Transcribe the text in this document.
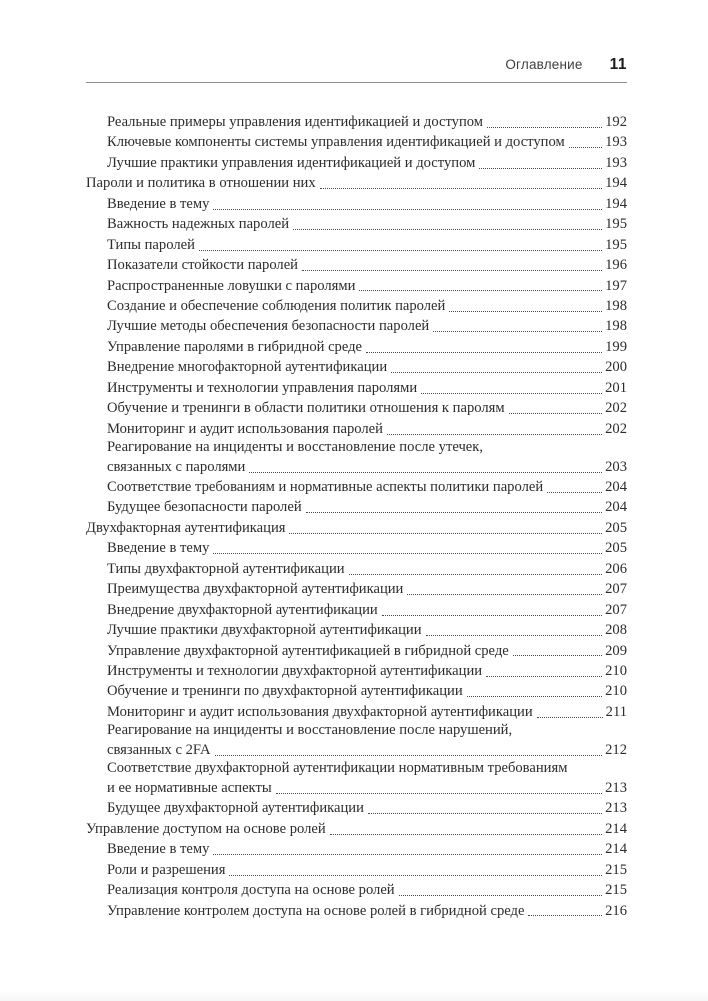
Оглавление 11
Реальные примеры управления идентификацией и доступом	192
Ключевые компоненты системы управления идентификацией и доступом	193
Лучшие практики управления идентификацией и доступом	193
Пароли и политика в отношении них	194
Введение в тему	194
Важность надежных паролей	195
Типы паролей	195
Показатели стойкости паролей	196
Распространенные ловушки с паролями	197
Создание и обеспечение соблюдения политик паролей	198
Лучшие методы обеспечения безопасности паролей	198
Управление паролями в гибридной среде	199
Внедрение многофакторной аутентификации	200
Инструменты и технологии управления паролями	201
Обучение и тренинги в области политики отношения к паролям	202
Мониторинг и аудит использования паролей	202
Реагирование на инциденты и восстановление после утечек,
связанных с паролями	203
Соответствие требованиям и нормативные аспекты политики паролей	204
Будущее безопасности паролей	204
Двухфакторная аутентификация	205
Введение в тему	205
Типы двухфакторной аутентификации	206
Преимущества двухфакторной аутентификации	207
Внедрение двухфакторной аутентификации	207
Лучшие практики двухфакторной аутентификации	208
Управление двухфакторной аутентификацией в гибридной среде	209
Инструменты и технологии двухфакторной аутентификации	210
Обучение и тренинги по двухфакторной аутентификации	210
Мониторинг и аудит использования двухфакторной аутентификации	211
Реагирование на инциденты и восстановление после нарушений,
связанных с 2FA	212
Соответствие двухфакторной аутентификации нормативным требованиям
и ее нормативные аспекты	213
Будущее двухфакторной аутентификации	213
Управление доступом на основе ролей	214
Введение в тему	214
Роли и разрешения	215
Реализация контроля доступа на основе ролей	215
Управление контролем доступа на основе ролей в гибридной среде	216
